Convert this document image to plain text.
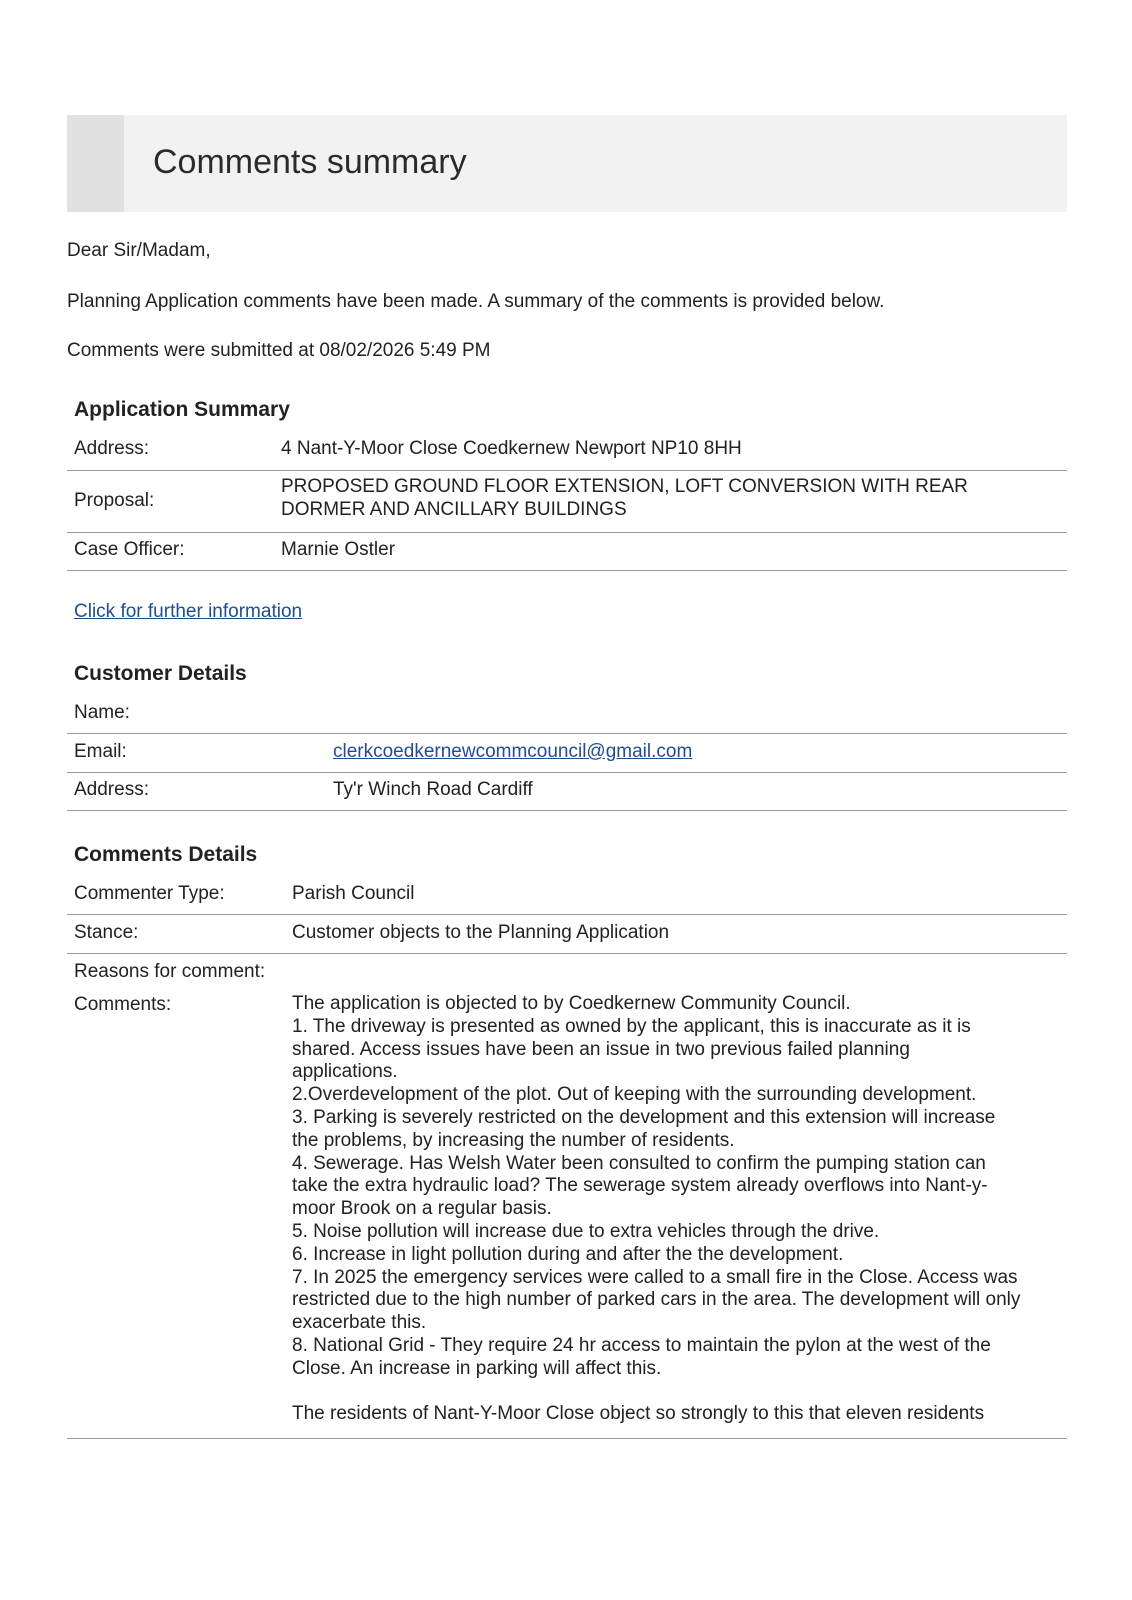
Comments summary
Dear Sir/Madam,
Planning Application comments have been made. A summary of the comments is provided below.
Comments were submitted at 08/02/2026 5:49 PM
Application Summary
Address:	4 Nant-Y-Moor Close Coedkernew Newport NP10 8HH
Proposal:
PROPOSED GROUND FLOOR EXTENSION, LOFT CONVERSION WITH REAR
DORMER AND ANCILLARY BUILDINGS
Case Officer:	Marnie Ostler
Click for further information
Customer Details
Name:
Email:	clerkcoedkernewcommcouncil@gmail.com
Address:	Ty'r Winch Road Cardiff
Comments Details
Commenter Type:	Parish Council
Stance:	Customer objects to the Planning Application
Reasons for comment:
Comments:	The application is objected to by Coedkernew Community Council.
1. The driveway is presented as owned by the applicant, this is inaccurate as it is
shared. Access issues have been an issue in two previous failed planning
applications.
2.Overdevelopment of the plot. Out of keeping with the surrounding development.
3. Parking is severely restricted on the development and this extension will increase
the problems, by increasing the number of residents.
4. Sewerage. Has Welsh Water been consulted to confirm the pumping station can
take the extra hydraulic load? The sewerage system already overflows into Nant-y-
moor Brook on a regular basis.
5. Noise pollution will increase due to extra vehicles through the drive.
6. Increase in light pollution during and after the the development.
7. In 2025 the emergency services were called to a small fire in the Close. Access was
restricted due to the high number of parked cars in the area. The development will only
exacerbate this.
8. National Grid - They require 24 hr access to maintain the pylon at the west of the
Close. An increase in parking will affect this.
The residents of Nant-Y-Moor Close object so strongly to this that eleven residents
